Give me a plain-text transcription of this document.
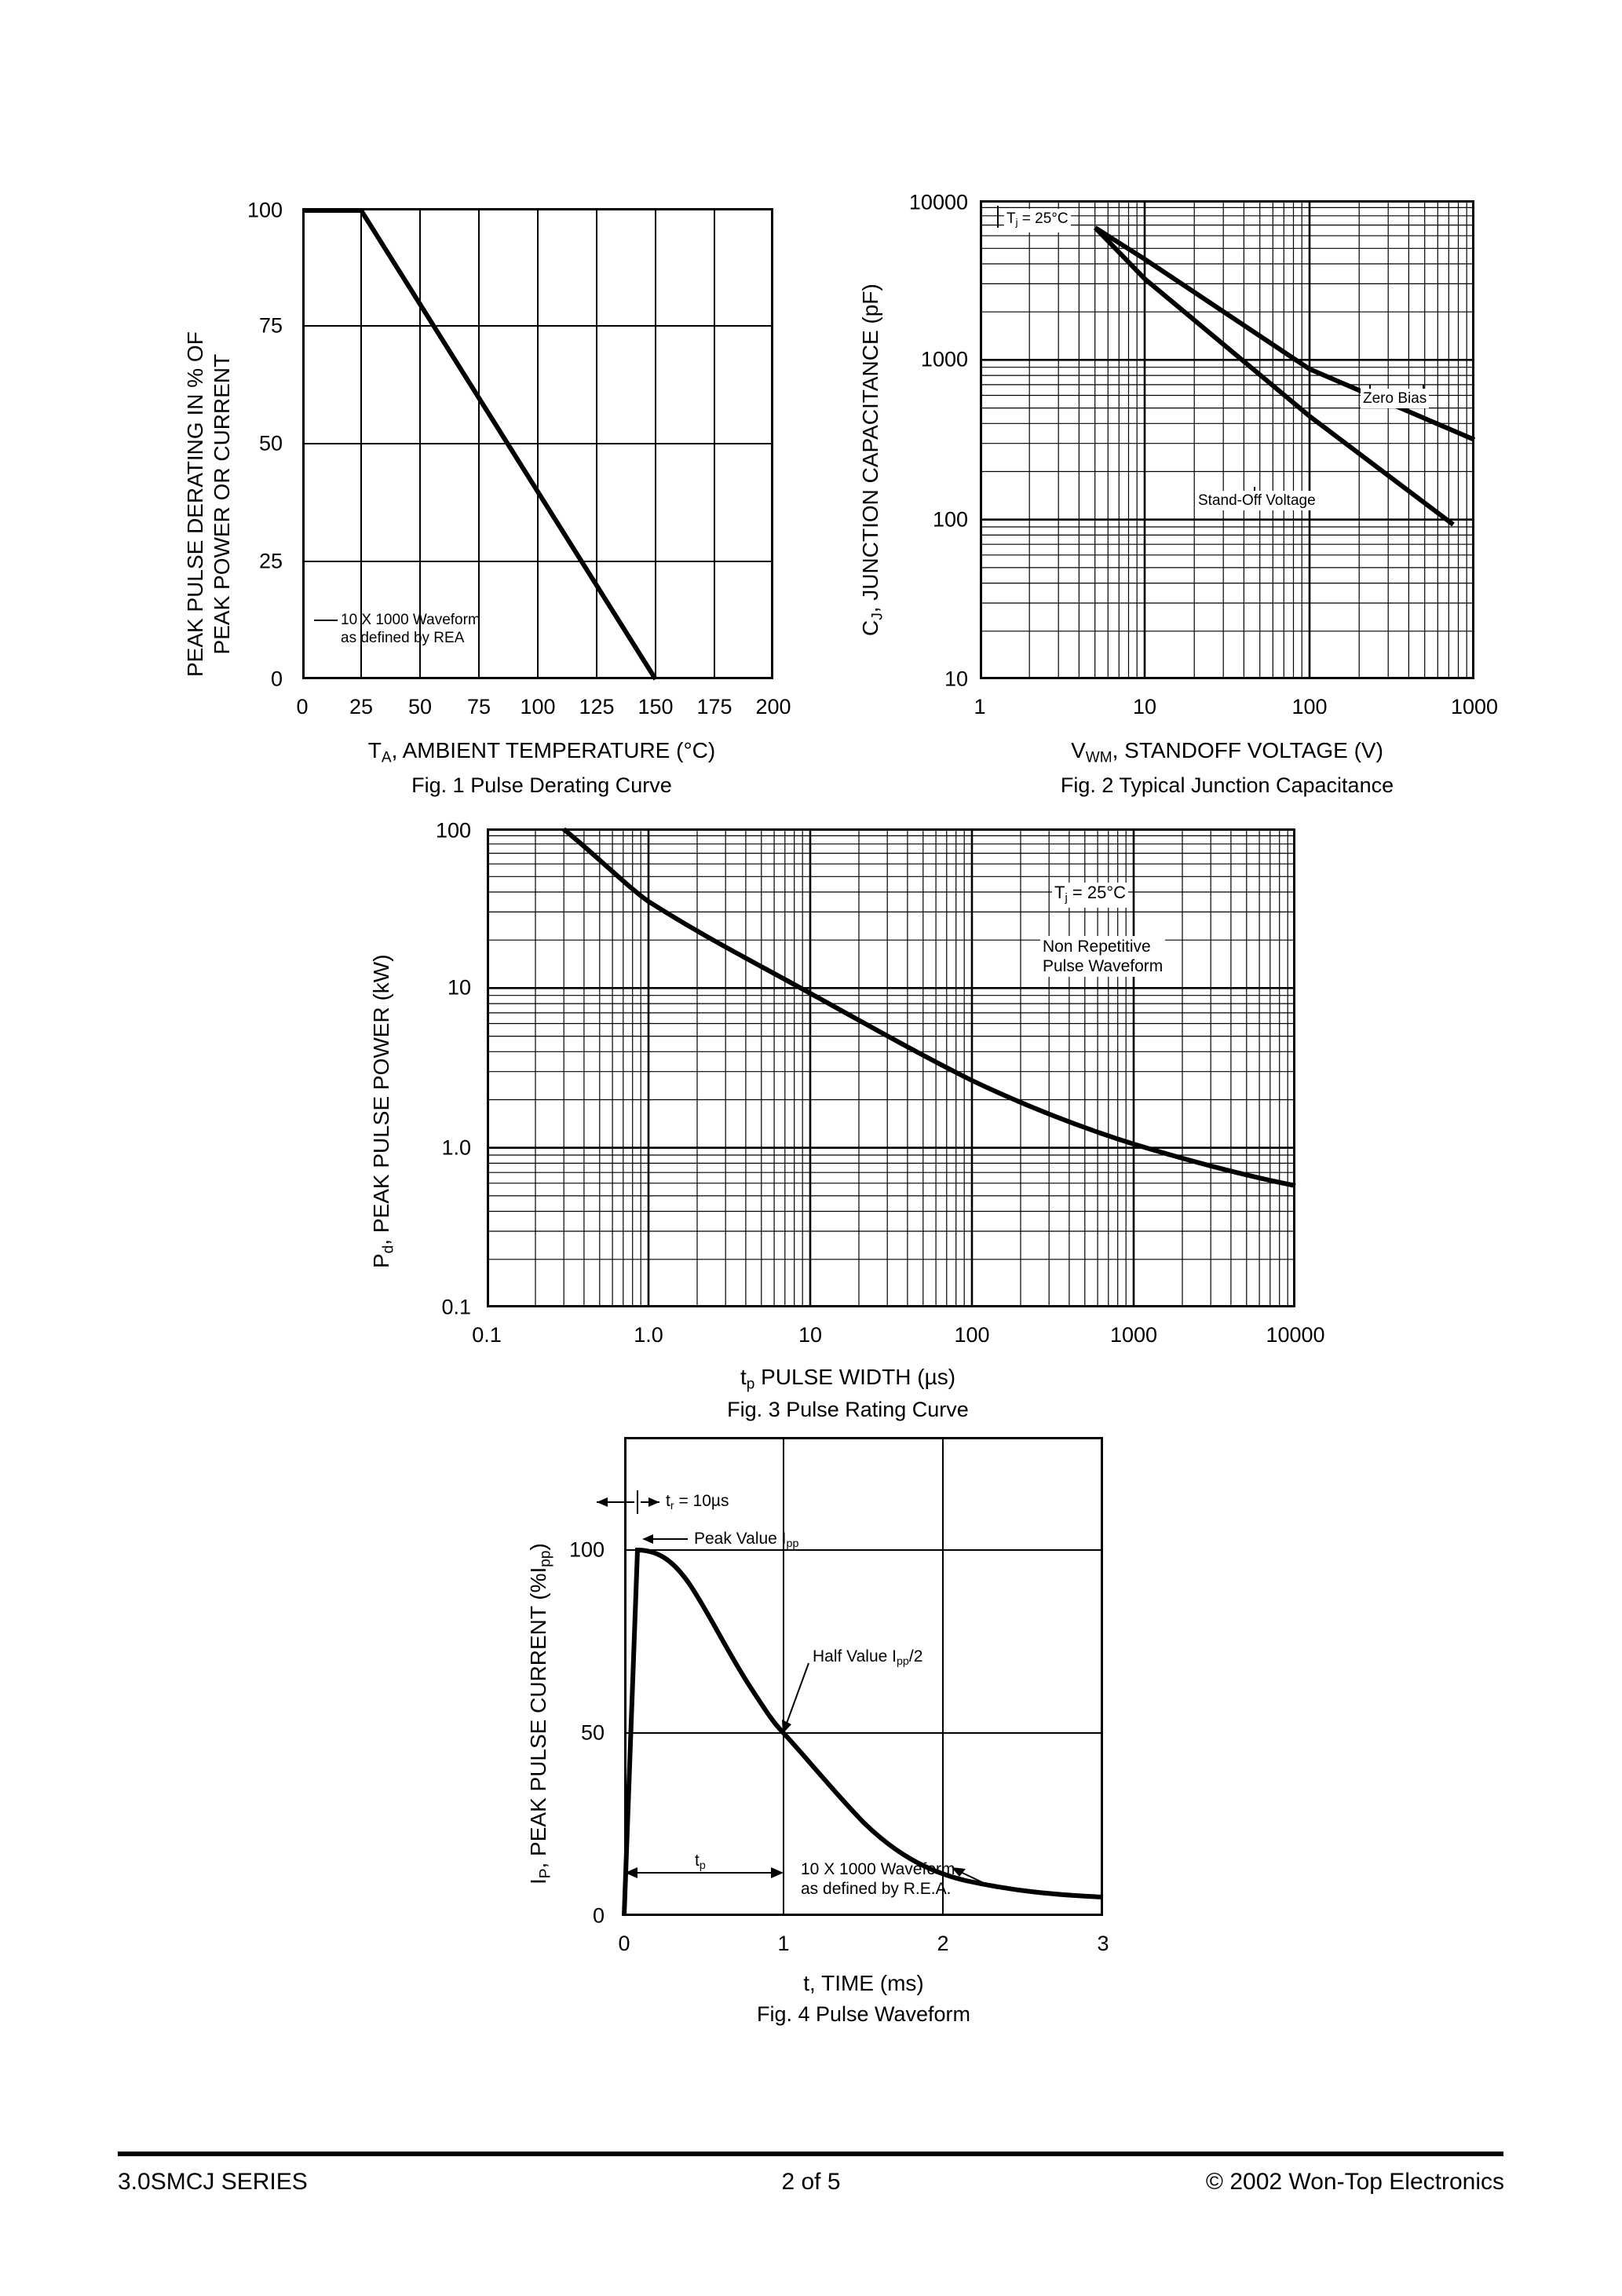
100
75
50
25
0
0 25 50 75 100 125 150 175 200
PEAK PULSE DERATING IN % OF PEAK POWER OR CURRENT
$T_A$, AMBIENT TEMPERATURE (°C)
Fig. 1 Pulse Derating Curve
10 X 1000 Waveform
as defined by REA
10000
1000
100
10
1	10	100	1000
$C_J$, JUNCTION CAPACITANCE (pF)
$V_{WM}$, STANDOFF VOLTAGE (V)
Fig. 2 Typical Junction Capacitance
$T_j = 25^\circ C$
Zero Bias
Stand-Off Voltage
100
10
1.0
0.1
0.1	1.0	10	100	1000	10000
$P_d$, PEAK PULSE POWER (kW)
$t_p$ PULSE WIDTH (µs)
Fig. 3 Pulse Rating Curve
$T_j = 25^\circ C$
Non Repetitive
Pulse Waveform
100
50
0
0	1	2	3
$I_P$, PEAK PULSE CURRENT $(\%I_{pp})$
t, TIME (ms)
Fig. 4 Pulse Waveform
$t_r = 10\mu s$
Peak Value $I_{pp}$
Half Value $I_{pp}/2$
$t_p$	10 X 1000 Waveform
as defined by R.E.A.
3.0SMCJ SERIES	2 of 5	© 2002 Won-Top Electronics
